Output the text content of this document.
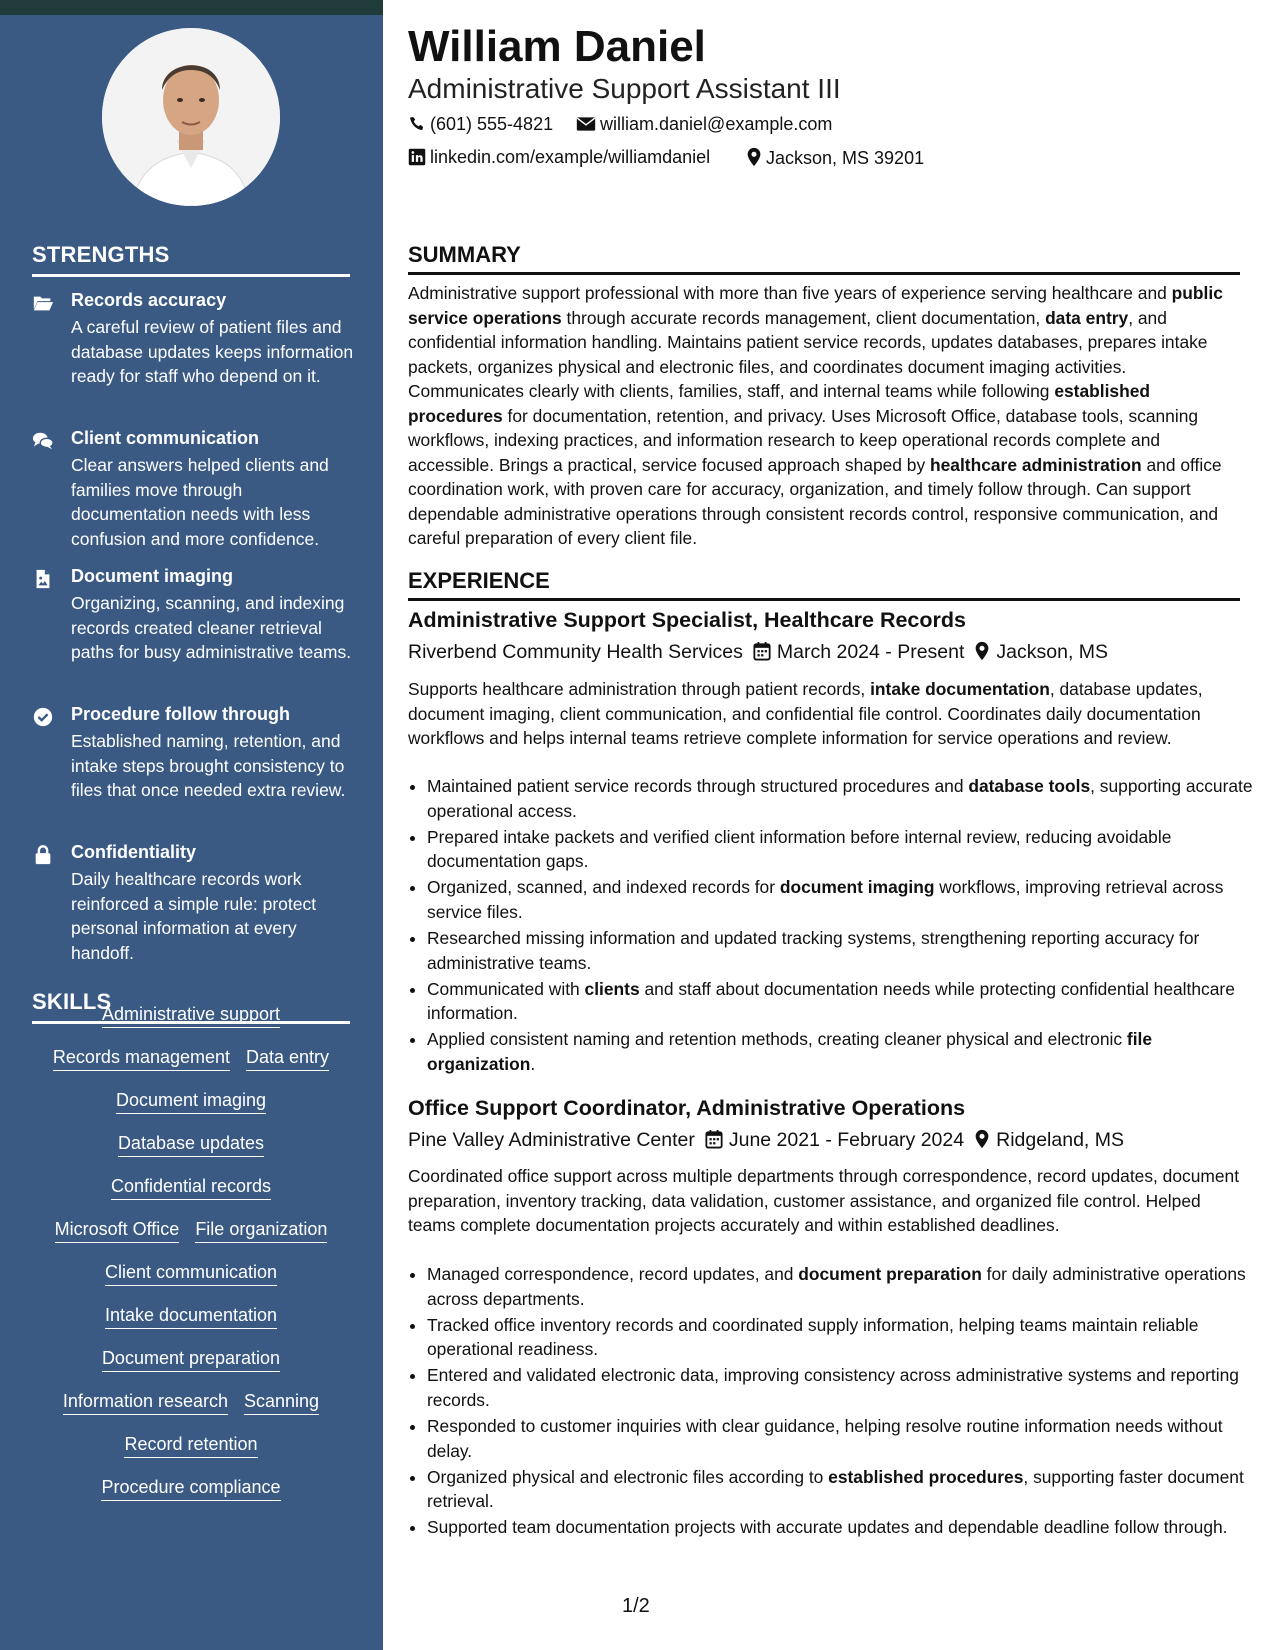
STRENGTHS
Records accuracy
A careful review of patient files and database updates keeps information ready for staff who depend on it.
Client communication
Clear answers helped clients and families move through documentation needs with less confusion and more confidence.
Document imaging
Organizing, scanning, and indexing records created cleaner retrieval paths for busy administrative teams.
Procedure follow through
Established naming, retention, and intake steps brought consistency to files that once needed extra review.
Confidentiality
Daily healthcare records work reinforced a simple rule: protect personal information at every handoff.
SKILLS
Administrative support
Records management Data entry
Document imaging
Database updates
Confidential records
Microsoft Office File organization
Client communication
Intake documentation
Document preparation
Information research Scanning
Record retention
Procedure compliance
William Daniel
Administrative Support Assistant III
(601) 555-4821	william.daniel@example.com
linkedin.com/example/williamdaniel	Jackson, MS 39201
SUMMARY
Administrative support professional with more than five years of experience serving healthcare and public service operations through accurate records management, client documentation, data entry, and confidential information handling. Maintains patient service records, updates databases, prepares intake packets, organizes physical and electronic files, and coordinates document imaging activities. Communicates clearly with clients, families, staff, and internal teams while following established procedures for documentation, retention, and privacy. Uses Microsoft Office, database tools, scanning workflows, indexing practices, and information research to keep operational records complete and accessible. Brings a practical, service focused approach shaped by healthcare administration and office coordination work, with proven care for accuracy, organization, and timely follow through. Can support dependable administrative operations through consistent records control, responsive communication, and careful preparation of every client file.
EXPERIENCE
Administrative Support Specialist, Healthcare Records
Riverbend Community Health Services March 2024 - Present Jackson, MS
Supports healthcare administration through patient records, intake documentation, database updates, document imaging, client communication, and confidential file control. Coordinates daily documentation workflows and helps internal teams retrieve complete information for service operations and review.
• Maintained patient service records through structured procedures and database tools, supporting accurate operational access.
• Prepared intake packets and verified client information before internal review, reducing avoidable documentation gaps.
• Organized, scanned, and indexed records for document imaging workflows, improving retrieval across service files.
• Researched missing information and updated tracking systems, strengthening reporting accuracy for administrative teams.
• Communicated with clients and staff about documentation needs while protecting confidential healthcare information.
• Applied consistent naming and retention methods, creating cleaner physical and electronic file organization.
Office Support Coordinator, Administrative Operations
Pine Valley Administrative Center June 2021 - February 2024 Ridgeland, MS
Coordinated office support across multiple departments through correspondence, record updates, document preparation, inventory tracking, data validation, customer assistance, and organized file control. Helped teams complete documentation projects accurately and within established deadlines.
• Managed correspondence, record updates, and document preparation for daily administrative operations across departments.
• Tracked office inventory records and coordinated supply information, helping teams maintain reliable operational readiness.
• Entered and validated electronic data, improving consistency across administrative systems and reporting records.
• Responded to customer inquiries with clear guidance, helping resolve routine information needs without delay.
• Organized physical and electronic files according to established procedures, supporting faster document retrieval.
• Supported team documentation projects with accurate updates and dependable deadline follow through.
1/2
